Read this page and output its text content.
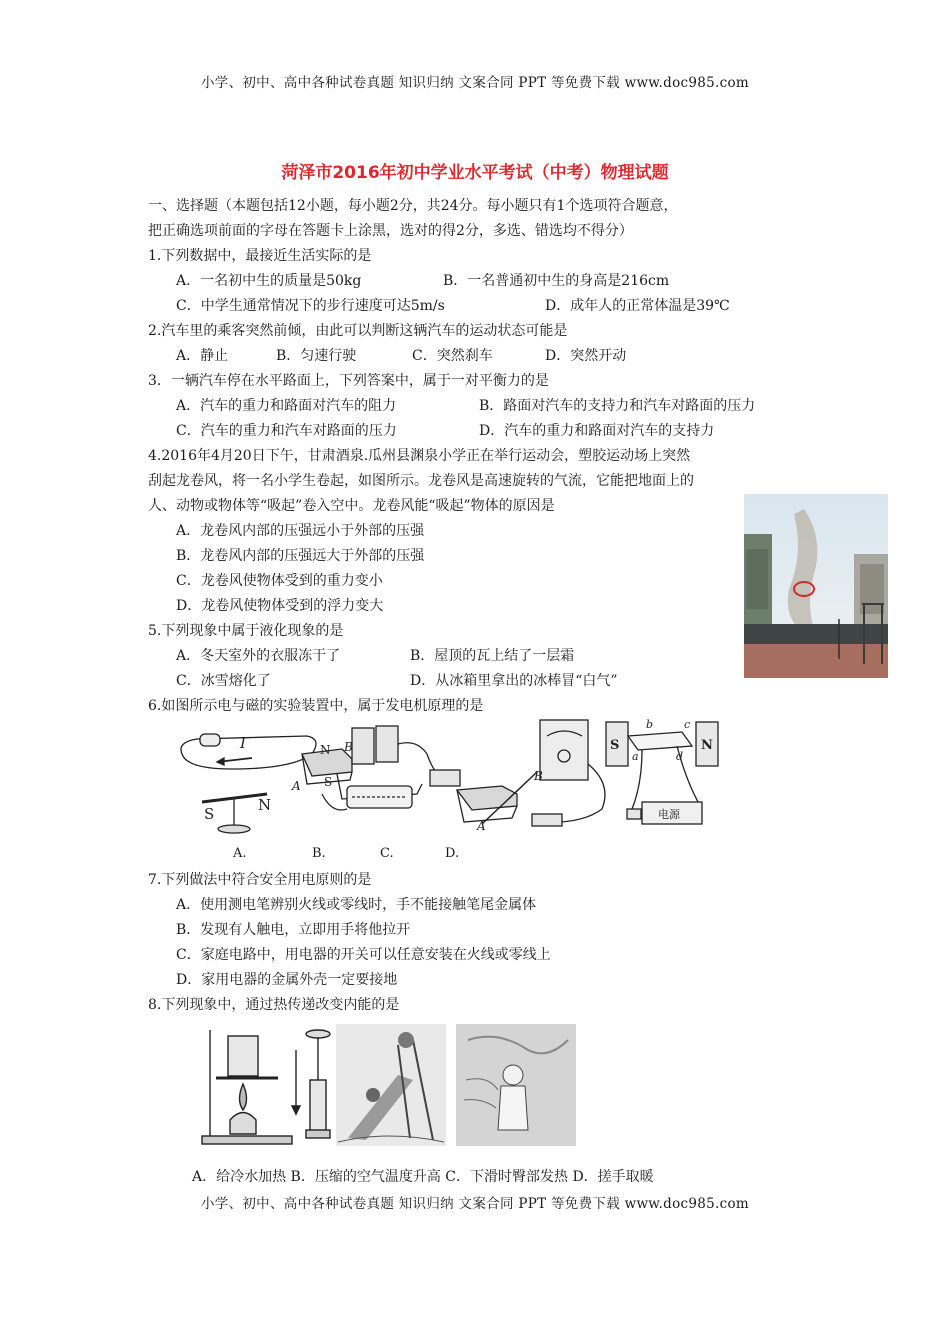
小学、初中、高中各种试卷真题 知识归纳 文案合同 PPT 等免费下载 www.doc985.com
菏泽市2016年初中学业水平考试（中考）物理试题
一、选择题（本题包括12小题，每小题2分，共24分。每小题只有1个选项符合题意，
把正确选项前面的字母在答题卡上涂黑，选对的得2分，多选、错选均不得分）
1.下列数据中，最接近生活实际的是
A．一名初中生的质量是50kg	B．一名普通初中生的身高是216cm
C．中学生通常情况下的步行速度可达5m/s	D．成年人的正常体温是39℃
2.汽车里的乘客突然前倾，由此可以判断这辆汽车的运动状态可能是
A．静止	B．匀速行驶	C．突然刹车	D．突然开动
3．一辆汽车停在水平路面上，下列答案中，属于一对平衡力的是
A．汽车的重力和路面对汽车的阻力	B．路面对汽车的支持力和汽车对路面的压力
C．汽车的重力和汽车对路面的压力	D．汽车的重力和路面对汽车的支持力
4.2016年4月20日下午，甘肃酒泉.瓜州县渊泉小学正在举行运动会，塑胶运动场上突然
刮起龙卷风，将一名小学生卷起，如图所示。龙卷风是高速旋转的气流，它能把地面上的
人、动物或物体等“吸起”卷入空中。龙卷风能“吸起”物体的原因是
A．龙卷风内部的压强远小于外部的压强
B．龙卷风内部的压强远大于外部的压强
C．龙卷风使物体受到的重力变小
D．龙卷风使物体受到的浮力变大
5.下列现象中属于液化现象的是
A．冬天室外的衣服冻干了	B．屋顶的瓦上结了一层霜
C．冰雪熔化了	D．从冰箱里拿出的冰棒冒“白气”
6.如图所示电与磁的实验装置中，属于发电机原理的是
I
S	N
N B
A S	B
A
S	N
b	c
a	d
电源
A.	B.	C.	D.
7.下列做法中符合安全用电原则的是
A．使用测电笔辨别火线或零线时，手不能接触笔尾金属体
B．发现有人触电，立即用手将他拉开
C．家庭电路中，用电器的开关可以任意安装在火线或零线上
D．家用电器的金属外壳一定要接地
8.下列现象中，通过热传递改变内能的是
A．给冷水加热 B．压缩的空气温度升高 C．下滑时臀部发热 D．搓手取暖
小学、初中、高中各种试卷真题 知识归纳 文案合同 PPT 等免费下载 www.doc985.com
